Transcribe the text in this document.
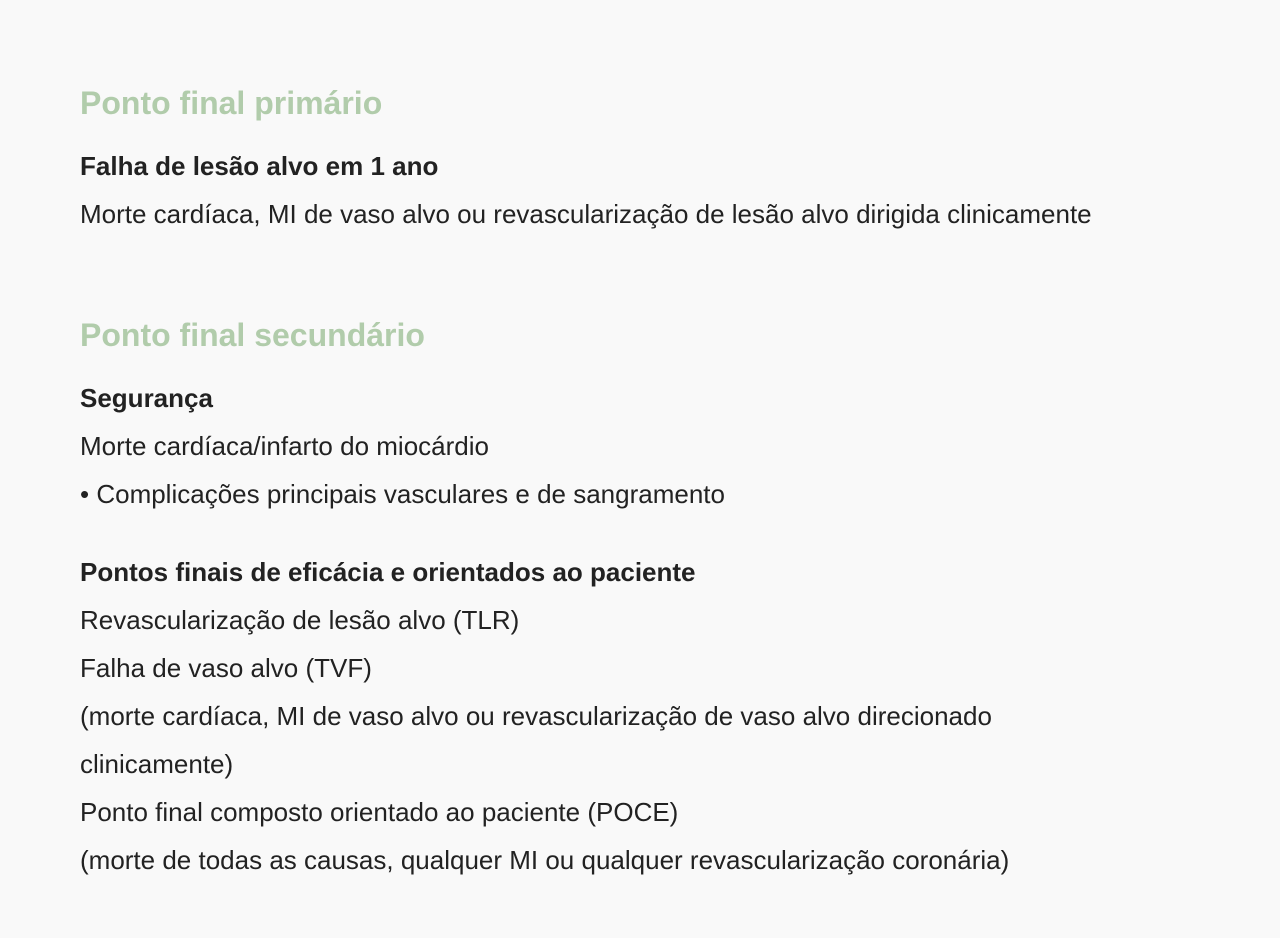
Ponto final primário
Falha de lesão alvo em 1 ano

Morte cardíaca, MI de vaso alvo ou revascularização de lesão alvo dirigida clinicamente

Ponto final secundário
Segurança

Morte cardíaca/infarto do miocárdio

• Complicações principais vasculares e de sangramento

Pontos finais de eficácia e orientados ao paciente

Revascularização de lesão alvo (TLR)

Falha de vaso alvo (TVF)

(morte cardíaca, MI de vaso alvo ou revascularização de vaso alvo direcionado

clinicamente)

Ponto final composto orientado ao paciente (POCE)

(morte de todas as causas, qualquer MI ou qualquer revascularização coronária)
